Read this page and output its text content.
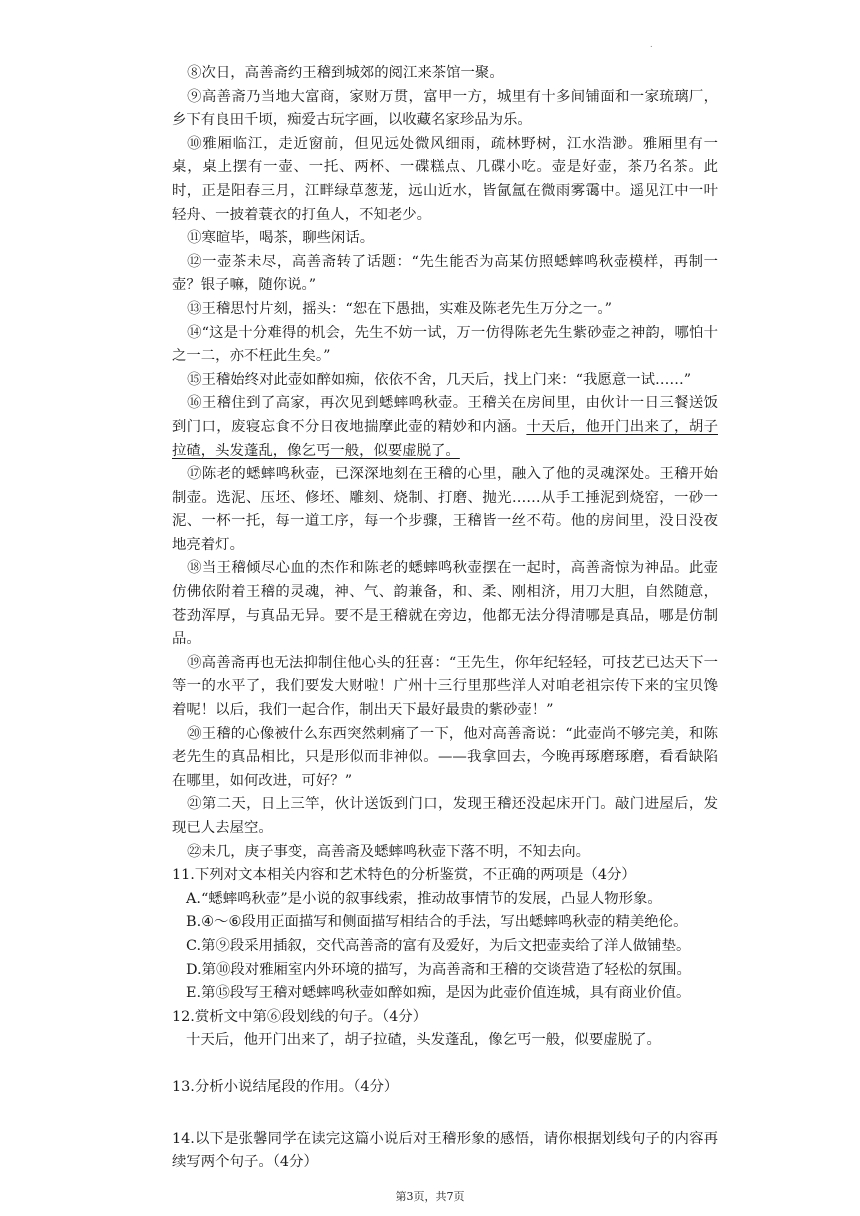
.

⑧次日，高善斋约王稽到城郊的阅江来茶馆一聚。

⑨高善斋乃当地大富商，家财万贯，富甲一方，城里有十多间铺面和一家琉璃厂，乡下有良田千顷，痴爱古玩字画，以收藏名家珍品为乐。

⑩雅厢临江，走近窗前，但见远处微风细雨，疏林野树，江水浩渺。雅厢里有一桌，桌上摆有一壶、一托、两杯、一碟糕点、几碟小吃。壶是好壶，茶乃名茶。此时，正是阳春三月，江畔绿草葱茏，远山近水，皆氤氲在微雨雾霭中。遥见江中一叶轻舟、一披着蓑衣的打鱼人，不知老少。

⑪寒暄毕，喝茶，聊些闲话。

⑫一壶茶未尽，高善斋转了话题：“先生能否为高某仿照蟋蟀鸣秋壶模样，再制一壶？银子嘛，随你说。”

⑬王稽思忖片刻，摇头：“恕在下愚拙，实难及陈老先生万分之一。”

⑭“这是十分难得的机会，先生不妨一试，万一仿得陈老先生紫砂壶之神韵，哪怕十之一二，亦不枉此生矣。”

⑮王稽始终对此壶如醉如痴，依依不舍，几天后，找上门来：“我愿意一试……”

⑯王稽住到了高家，再次见到蟋蟀鸣秋壶。王稽关在房间里，由伙计一日三餐送饭到门口，废寝忘食不分日夜地揣摩此壶的精妙和内涵。十天后，他开门出来了，胡子拉碴，头发蓬乱，像乞丐一般，似要虚脱了。

⑰陈老的蟋蟀鸣秋壶，已深深地刻在王稽的心里，融入了他的灵魂深处。王稽开始制壶。选泥、压坯、修坯、雕刻、烧制、打磨、抛光……从手工捶泥到烧窑，一砂一泥、一杯一托，每一道工序，每一个步骤，王稽皆一丝不苟。他的房间里，没日没夜地亮着灯。

⑱当王稽倾尽心血的杰作和陈老的蟋蟀鸣秋壶摆在一起时，高善斋惊为神品。此壶仿佛依附着王稽的灵魂，神、气、韵兼备，和、柔、刚相济，用刀大胆，自然随意，苍劲浑厚，与真品无异。要不是王稽就在旁边，他都无法分得清哪是真品，哪是仿制品。

⑲高善斋再也无法抑制住他心头的狂喜：“王先生，你年纪轻轻，可技艺已达天下一等一的水平了，我们要发大财啦！广州十三行里那些洋人对咱老祖宗传下来的宝贝馋着呢！以后，我们一起合作，制出天下最好最贵的紫砂壶！”

⑳王稽的心像被什么东西突然刺痛了一下，他对高善斋说：“此壶尚不够完美，和陈老先生的真品相比，只是形似而非神似。——我拿回去，今晚再琢磨琢磨，看看缺陷在哪里，如何改进，可好？”

㉑第二天，日上三竿，伙计送饭到门口，发现王稽还没起床开门。敲门进屋后，发现已人去屋空。

㉒未几，庚子事变，高善斋及蟋蟀鸣秋壶下落不明，不知去向。

11.下列对文本相关内容和艺术特色的分析鉴赏，不正确的两项是（4分）

A.“蟋蟀鸣秋壶”是小说的叙事线索，推动故事情节的发展，凸显人物形象。

B.④～⑥段用正面描写和侧面描写相结合的手法，写出蟋蟀鸣秋壶的精美绝伦。

C.第⑨段采用插叙，交代高善斋的富有及爱好，为后文把壶卖给了洋人做铺垫。

D.第⑩段对雅厢室内外环境的描写，为高善斋和王稽的交谈营造了轻松的氛围。

E.第⑮段写王稽对蟋蟀鸣秋壶如醉如痴，是因为此壶价值连城，具有商业价值。

12.赏析文中第⑥段划线的句子。（4分）

十天后，他开门出来了，胡子拉碴，头发蓬乱，像乞丐一般，似要虚脱了。

13.分析小说结尾段的作用。（4分）

14.以下是张馨同学在读完这篇小说后对王稽形象的感悟，请你根据划线句子的内容再续写两个句子。（4分）

第3页，共7页
